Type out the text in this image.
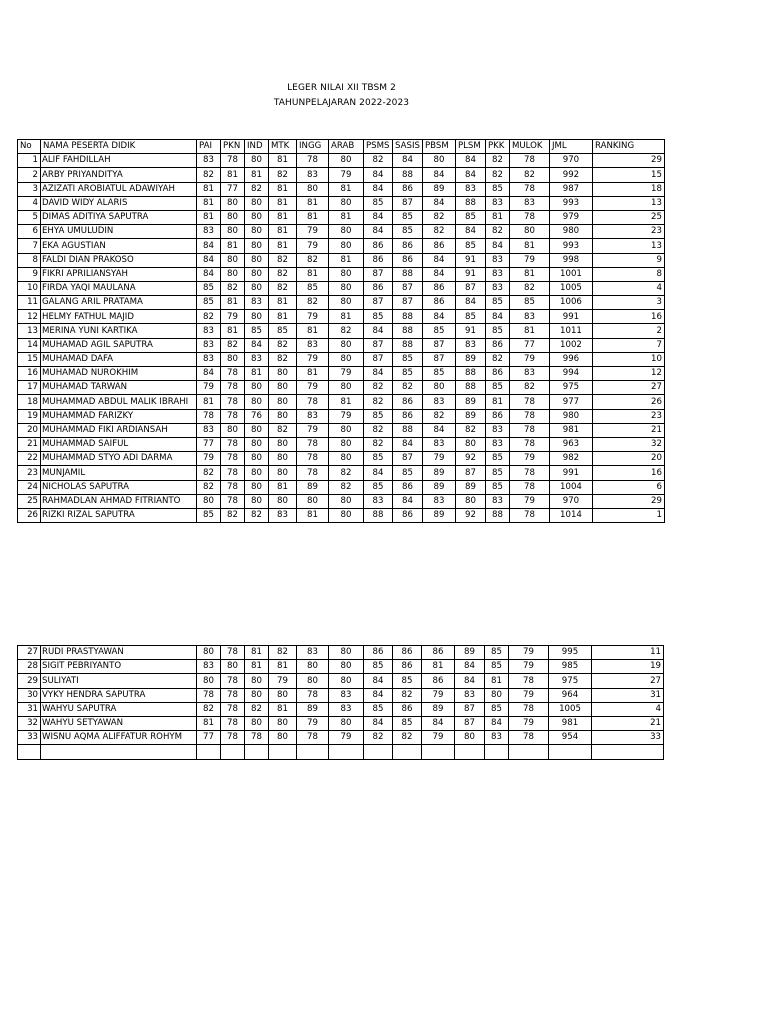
LEGER NILAI XII TBSM 2
TAHUNPELAJARAN 2022-2023
No	NAMA PESERTA DIDIK	PAI	PKN	IND	MTK	INGG	ARAB	PSMS	SASIS	PBSM	PLSM	PKK	MULOK	JML	RANKING
1	ALIF FAHDILLAH	83	78	80	81	78	80	82	84	80	84	82	78	970	29
2	ARBY PRIYANDITYA	82	81	81	82	83	79	84	88	84	84	82	82	992	15
3	AZIZATI AROBIATUL ADAWIYAH	81	77	82	81	80	81	84	86	89	83	85	78	987	18
4	DAVID WIDY ALARIS	81	80	80	81	81	80	85	87	84	88	83	83	993	13
5	DIMAS ADITIYA SAPUTRA	81	80	80	81	81	81	84	85	82	85	81	78	979	25
6	EHYA UMULUDIN	83	80	80	81	79	80	84	85	82	84	82	80	980	23
7	EKA AGUSTIAN	84	81	80	81	79	80	86	86	86	85	84	81	993	13
8	FALDI DIAN PRAKOSO	84	80	80	82	82	81	86	86	84	91	83	79	998	9
9	FIKRI APRILIANSYAH	84	80	80	82	81	80	87	88	84	91	83	81	1001	8
10	FIRDA YAQI MAULANA	85	82	80	82	85	80	86	87	86	87	83	82	1005	4
11	GALANG ARIL PRATAMA	85	81	83	81	82	80	87	87	86	84	85	85	1006	3
12	HELMY FATHUL MAJID	82	79	80	81	79	81	85	88	84	85	84	83	991	16
13	MERINA YUNI KARTIKA	83	81	85	85	81	82	84	88	85	91	85	81	1011	2
14	MUHAMAD AGIL SAPUTRA	83	82	84	82	83	80	87	88	87	83	86	77	1002	7
15	MUHAMAD DAFA	83	80	83	82	79	80	87	85	87	89	82	79	996	10
16	MUHAMAD NUROKHIM	84	78	81	80	81	79	84	85	85	88	86	83	994	12
17	MUHAMAD TARWAN	79	78	80	80	79	80	82	82	80	88	85	82	975	27
18	MUHAMMAD ABDUL MALIK IBRAHI	81	78	80	80	78	81	82	86	83	89	81	78	977	26
19	MUHAMMAD FARIZKY	78	78	76	80	83	79	85	86	82	89	86	78	980	23
20	MUHAMMAD FIKI ARDIANSAH	83	80	80	82	79	80	82	88	84	82	83	78	981	21
21	MUHAMMAD SAIFUL	77	78	80	80	78	80	82	84	83	80	83	78	963	32
22	MUHAMMAD STYO ADI DARMA	79	78	80	80	78	80	85	87	79	92	85	79	982	20
23	MUNJAMIL	82	78	80	80	78	82	84	85	89	87	85	78	991	16
24	NICHOLAS SAPUTRA	82	78	80	81	89	82	85	86	89	89	85	78	1004	6
25	RAHMADLAN AHMAD FITRIANTO	80	78	80	80	80	80	83	84	83	80	83	79	970	29
26	RIZKI RIZAL SAPUTRA	85	82	82	83	81	80	88	86	89	92	88	78	1014	1
27	RUDI PRASTYAWAN	80	78	81	82	83	80	86	86	86	89	85	79	995	11
28	SIGIT PEBRIYANTO	83	80	81	81	80	80	85	86	81	84	85	79	985	19
29	SULIYATI	80	78	80	79	80	80	84	85	86	84	81	78	975	27
30	VYKY HENDRA SAPUTRA	78	78	80	80	78	83	84	82	79	83	80	79	964	31
31	WAHYU SAPUTRA	82	78	82	81	89	83	85	86	89	87	85	78	1005	4
32	WAHYU SETYAWAN	81	78	80	80	79	80	84	85	84	87	84	79	981	21
33	WISNU AQMA ALIFFATUR ROHYM	77	78	78	80	78	79	82	82	79	80	83	78	954	33
